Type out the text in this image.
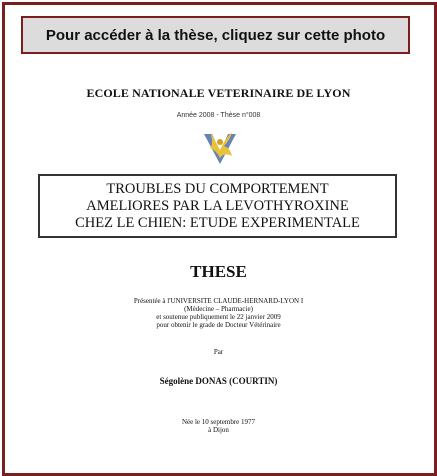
Pour accéder à la thèse, cliquez sur cette photo
ECOLE NATIONALE VETERINAIRE DE LYON
Année 2008 - Thèse n°008
TROUBLES DU COMPORTEMENT
AMELIORES PAR LA LEVOTHYROXINE
CHEZ LE CHIEN: ETUDE EXPERIMENTALE
THESE
Présentée à l'UNIVERSITE CLAUDE-HERNARD-LYON I
(Médecine – Pharmacie)
et soutenue publiquement le 22 janvier 2009
pour obtenir le grade de Docteur Vétérinaire
Par
Ségolène DONAS (COURTIN)
Née le 10 septembre 1977
à Dijon
